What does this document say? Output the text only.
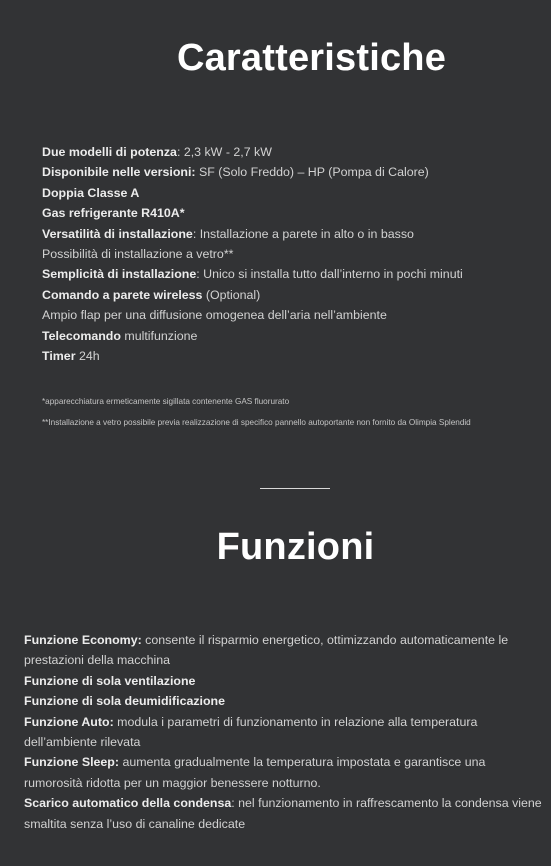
Caratteristiche
Due modelli di potenza: 2,3 kW - 2,7 kW
Disponibile nelle versioni: SF (Solo Freddo) – HP (Pompa di Calore)
Doppia Classe A
Gas refrigerante R410A*
Versatilità di installazione: Installazione a parete in alto o in basso
Possibilità di installazione a vetro**
Semplicità di installazione: Unico si installa tutto dall’interno in pochi minuti
Comando a parete wireless (Optional)
Ampio flap per una diffusione omogenea dell’aria nell’ambiente
Telecomando multifunzione
Timer 24h
*apparecchiatura ermeticamente sigillata contenente GAS fluorurato
**Installazione a vetro possibile previa realizzazione di specifico pannello autoportante non fornito da Olimpia Splendid
Funzioni
Funzione Economy: consente il risparmio energetico, ottimizzando automaticamente le
prestazioni della macchina
Funzione di sola ventilazione
Funzione di sola deumidificazione
Funzione Auto: modula i parametri di funzionamento in relazione alla temperatura
dell’ambiente rilevata
Funzione Sleep: aumenta gradualmente la temperatura impostata e garantisce una
rumorosità ridotta per un maggior benessere notturno.
Scarico automatico della condensa: nel funzionamento in raffrescamento la condensa viene
smaltita senza l’uso di canaline dedicate
